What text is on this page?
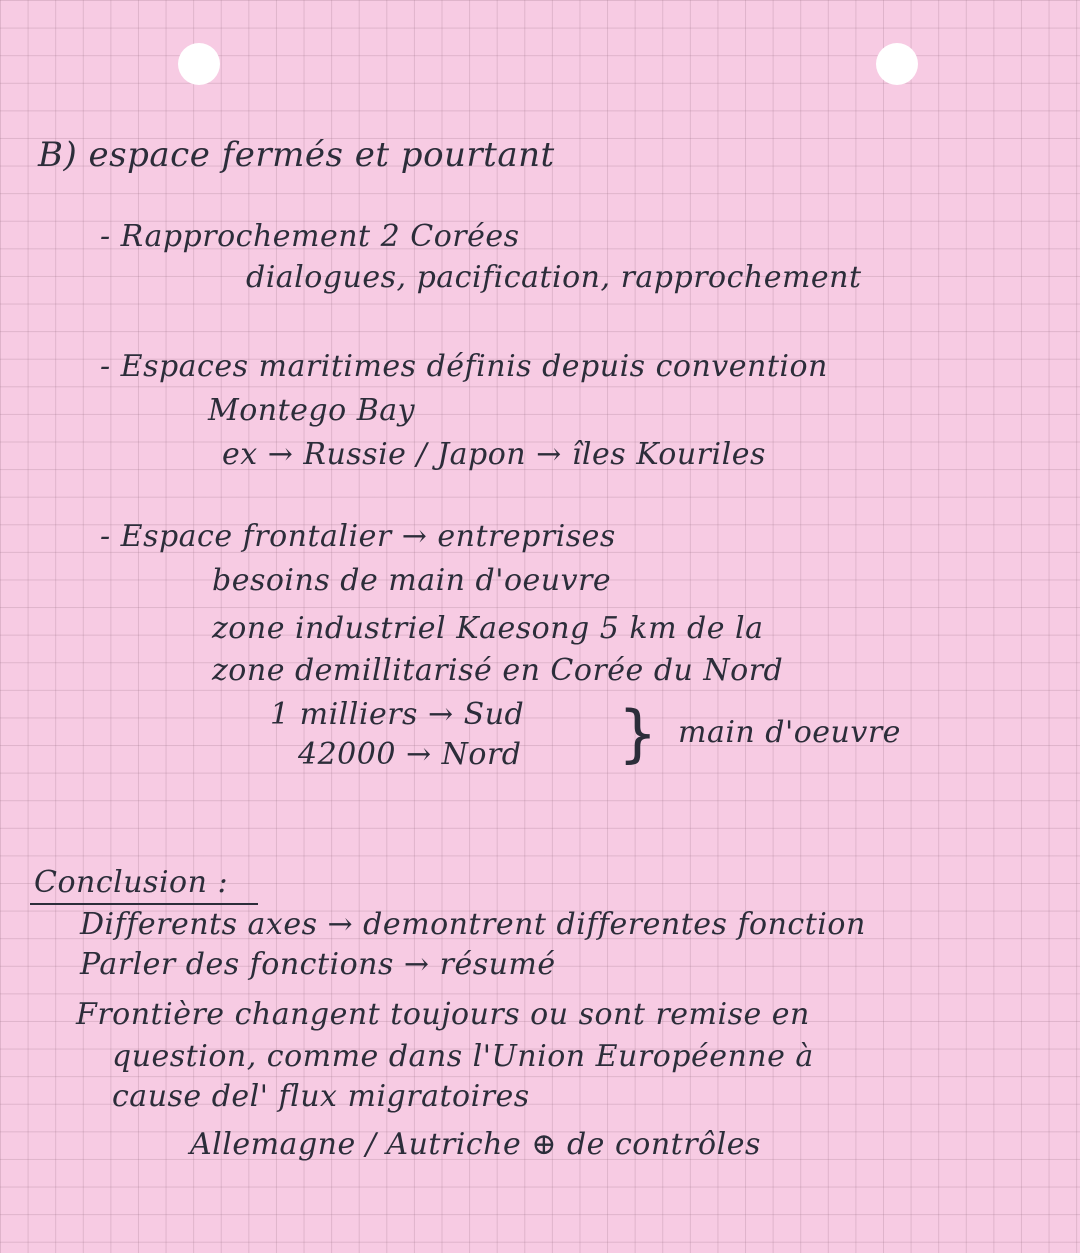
B) espace fermés et pourtant
- Rapprochement 2 Corées
dialogues, pacification, rapprochement
- Espaces maritimes définis depuis convention
Montego Bay
ex → Russie / Japon → îles Kouriles
- Espace frontalier → entreprises
besoins de main d'oeuvre
zone industriel Kaesong 5 km de la
zone demillitarisé en Corée du Nord
1 milliers → Sud
42000 → Nord } main d'oeuvre
Conclusion :
Differents axes → demontrent differentes fonction
Parler des fonctions → résumé
Frontière changent toujours ou sont remise en
question, comme dans l'Union Européenne à
cause del' flux migratoires
Allemagne / Autriche ⊕ de contrôles
